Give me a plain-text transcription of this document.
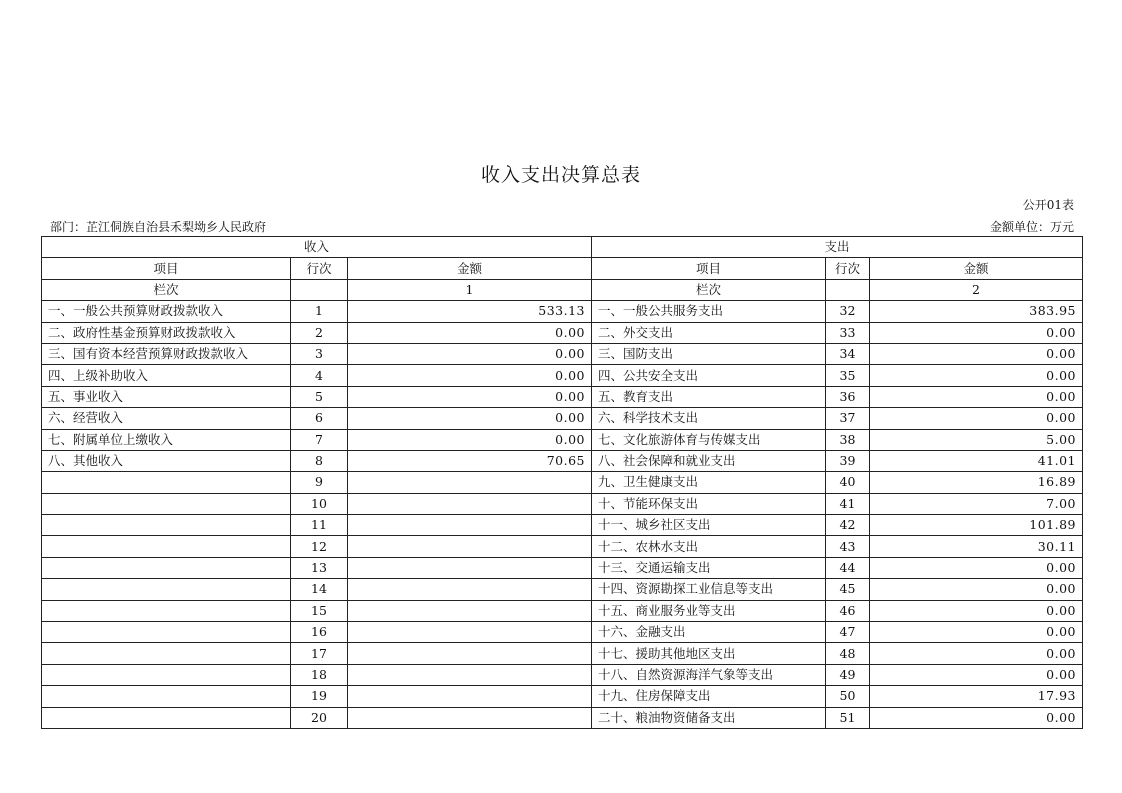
收入支出决算总表
公开01表
部门：芷江侗族自治县禾梨坳乡人民政府	金额单位：万元
收入			支出		
项目	行次	金额	项目	行次	金额
栏次		1	栏次		2
一、一般公共预算财政拨款收入	1	533.13	一、一般公共服务支出	32	383.95
二、政府性基金预算财政拨款收入	2	0.00	二、外交支出	33	0.00
三、国有资本经营预算财政拨款收入	3	0.00	三、国防支出	34	0.00
四、上级补助收入	4	0.00	四、公共安全支出	35	0.00
五、事业收入	5	0.00	五、教育支出	36	0.00
六、经营收入	6	0.00	六、科学技术支出	37	0.00
七、附属单位上缴收入	7	0.00	七、文化旅游体育与传媒支出	38	5.00
八、其他收入	8	70.65	八、社会保障和就业支出	39	41.01
	9		九、卫生健康支出	40	16.89
	10		十、节能环保支出	41	7.00
	11		十一、城乡社区支出	42	101.89
	12		十二、农林水支出	43	30.11
	13		十三、交通运输支出	44	0.00
	14		十四、资源勘探工业信息等支出	45	0.00
	15		十五、商业服务业等支出	46	0.00
	16		十六、金融支出	47	0.00
	17		十七、援助其他地区支出	48	0.00
	18		十八、自然资源海洋气象等支出	49	0.00
	19		十九、住房保障支出	50	17.93
	20		二十、粮油物资储备支出	51	0.00
